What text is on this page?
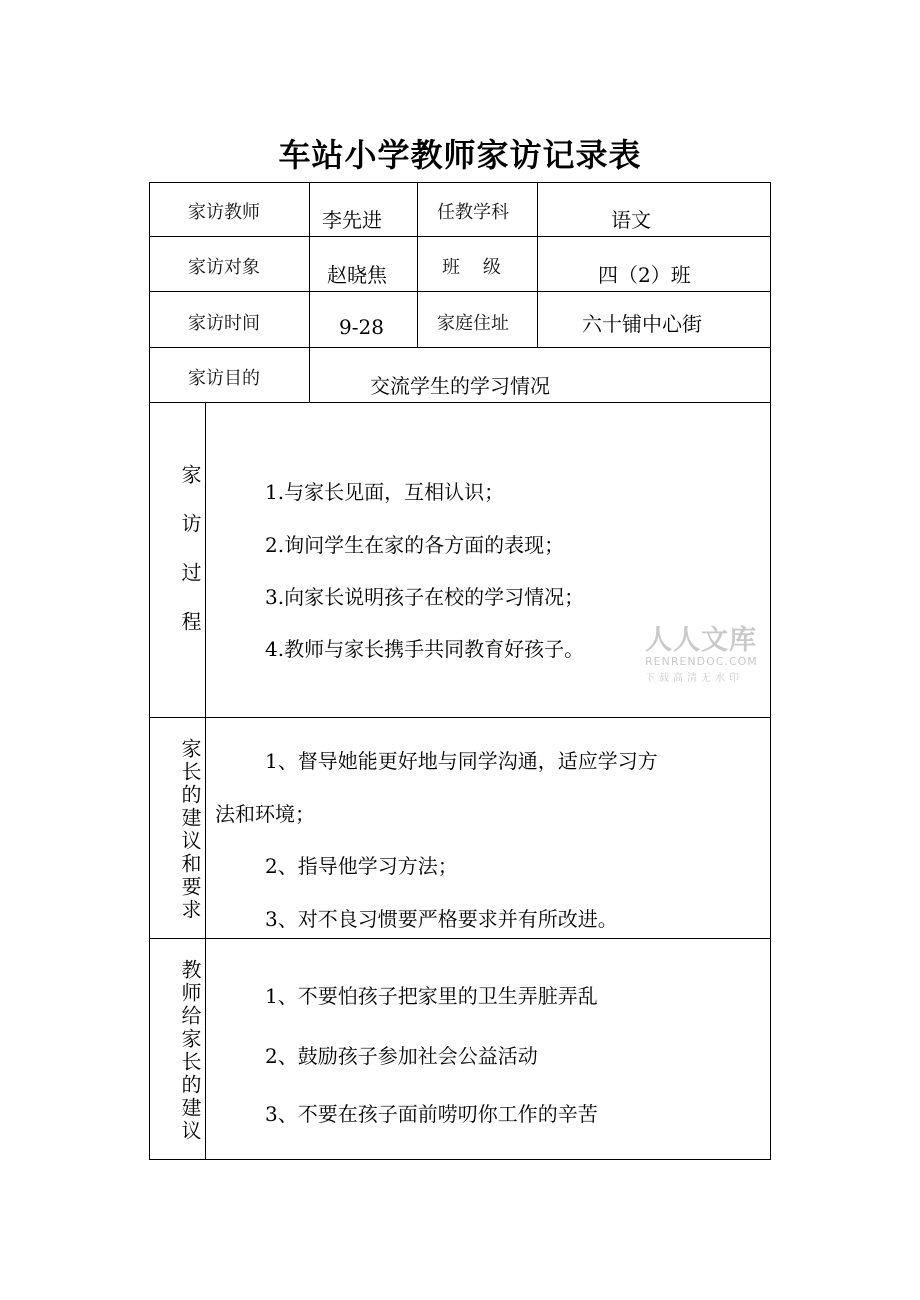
车站小学教师家访记录表
家访教师	李先进	任教学科	语文
家访对象	赵晓焦	班    级	四（2）班
家访时间	9-28	家庭住址	六十铺中心街
家访目的	交流学生的学习情况
家访过程	1.与家长见面，互相认识；
2.询问学生在家的各方面的表现；
3.向家长说明孩子在校的学习情况；
4.教师与家长携手共同教育好孩子。
家长的建议和要求	1、督导她能更好地与同学沟通，适应学习方
法和环境；
2、指导他学习方法；
3、对不良习惯要严格要求并有所改进。
教师给家长的建议	1、不要怕孩子把家里的卫生弄脏弄乱
2、鼓励孩子参加社会公益活动
3、不要在孩子面前唠叨你工作的辛苦
人人文库
RENRENDOC.COM
下载高清无水印
